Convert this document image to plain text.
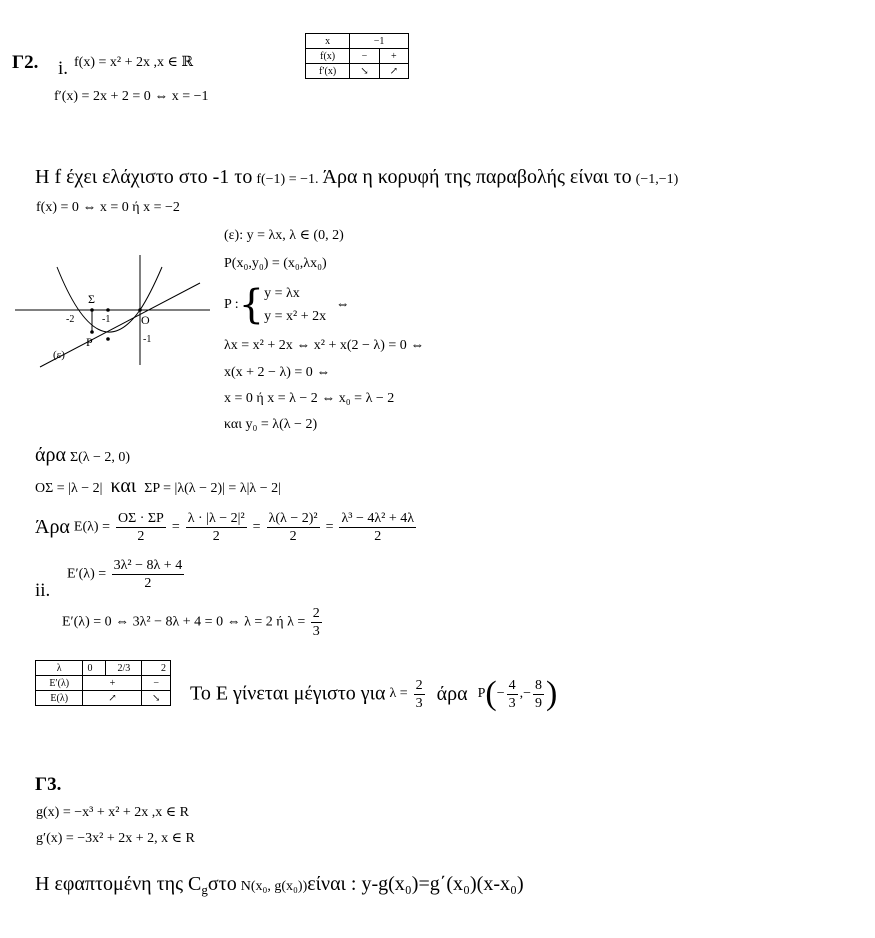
Γ2. i. f(x) = x² + 2x ,x ∈ ℝ
f′(x) = 2x + 2 = 0 ⇔ x = −1
x	−1	
f(x)	−	+
f′(x)	↘	↗
Η f έχει ελάχιστο στο -1 το f(−1) = −1. Άρα η κορυφή της παραβολής είναι το (−1,−1)
f(x) = 0 ⇔ x = 0 ή x = −2
Σ
P
O
(ε)
-2	-1
-1
(ε): y = λx, λ ∈ (0, 2)
P(x₀,y₀) = (x₀,λx₀)
P :{ y = λx
y = x² + 2x
⇔
λx = x² + 2x ⇔ x² + x(2 − λ) = 0 ⇔
x(x + 2 − λ) = 0 ⇔
x = 0 ή x = λ − 2 ⇔ x₀ = λ − 2
και y₀ = λ(λ − 2)
άρα Σ(λ − 2, 0)
OΣ = |λ − 2| και ΣP = |λ(λ − 2)| = λ|λ − 2|
Άρα $E(\lambda) = \frac{O\Sigma \cdot \Sigma P}{2} = \frac{\text{λ · |λ − 2|²}}{2} = \frac{\text{λ(λ − 2)²}}{2} = \frac{\text{λ³ − 4λ² + 4λ}}{2}$
$E'(\lambda) = \frac{\text{3λ² − 8λ + 4}}{2}$
ii.
E′(λ) = 0 ⇔ 3λ² − 8λ + 4 = 0 ⇔ λ = 2 ή $\lambda = \frac{2}{3}$
λ	0	2/3	2
E′(λ)	+		−
E(λ)	↗		↘ Το Ε γίνεται μέγιστο για $\lambda = \frac{2}{3}$ άρα $P(- \frac{4}{3}$ ,− $\frac{8}{9}$ )
Γ3.
g(x) = −x³ + x² + 2x ,x ∈ R
g′(x) = −3x² + 2x + 2, x ∈ R
Η εφαπτομένη της $C_g\sigma\tau o$ N(x₀, g(x₀))είναι : y-g(x₀)=g΄(x₀)(x-x₀)
